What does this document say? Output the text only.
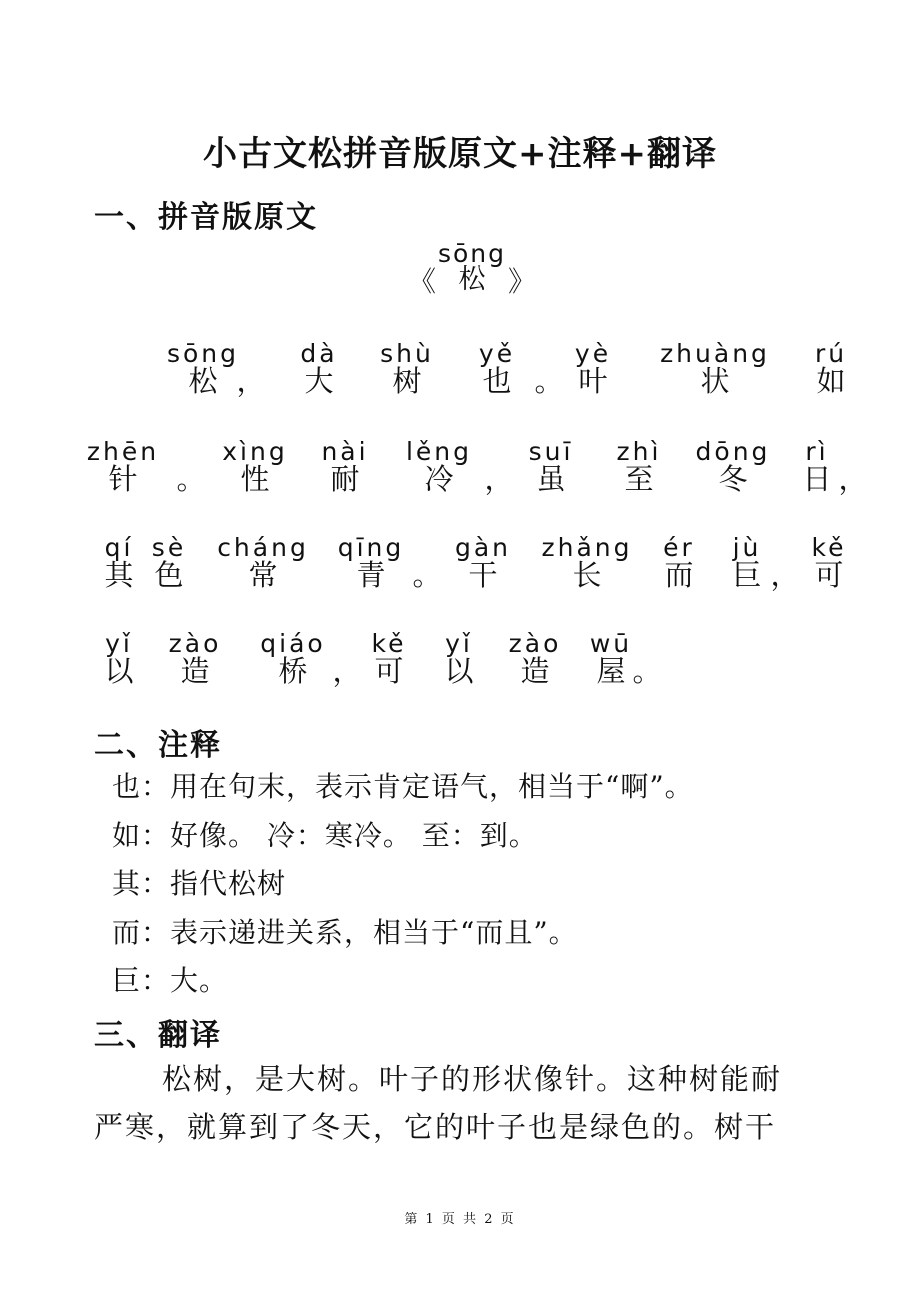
小古文松拼音版原文+注释+翻译
一、拼音版原文
《
sōng
松 》
sōng
松 ，
dà
大
shù
树
yě
也 。
yè
叶
zhuàng
状
rú
如
zhēn
针	。
xìng
性
nài
耐
lěng
冷	，
suī
虽
zhì
至
dōng
冬
rì
日 ，
qí
其
sè
色
cháng
常
qīng
青 。
gàn
干
zhǎng
长
ér
而
jù
巨 ，
kě
可
yǐ
以
zào
造
qiáo
桥 ，
kě
可
yǐ
以
zào
造
wū
屋 。
二、注释
也：用在句末，表示肯定语气，相当于“啊”。
如：好像。 冷：寒冷。 至：到。
其：指代松树
而：表示递进关系，相当于“而且”。
巨：大。
三、翻译
松树，是大树。叶子的形状像针。这种树能耐
严寒，就算到了冬天，它的叶子也是绿色的。树干
第 1 页 共 2 页
